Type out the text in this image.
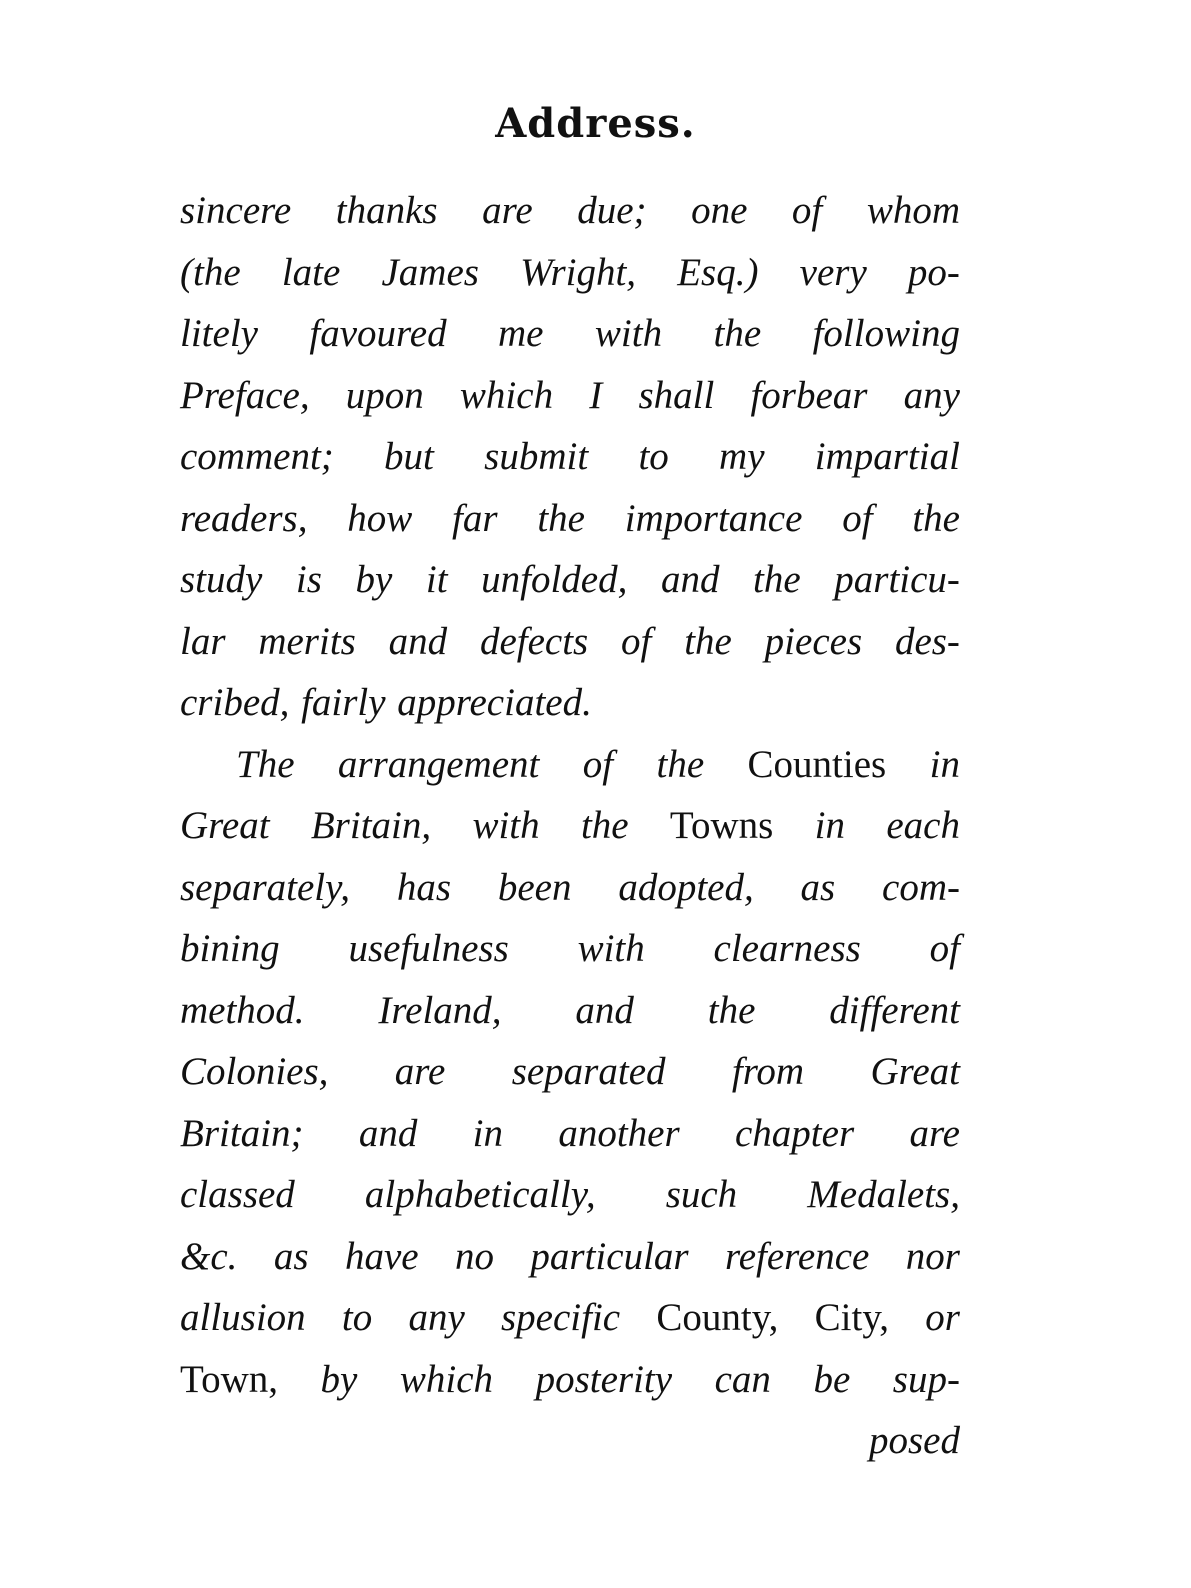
Address.
sincere thanks are due; one of whom
(the late James Wright, Esq.) very po-
litely favoured me with the following
Preface, upon which I shall forbear any
comment; but submit to my impartial
readers, how far the importance of the
study is by it unfolded, and the particu-
lar merits and defects of the pieces des-
cribed, fairly appreciated.
The arrangement of the Counties in
Great Britain, with the Towns in each
separately, has been adopted, as com-
bining usefulness with clearness of
method. Ireland, and the different
Colonies, are separated from Great
Britain; and in another chapter are
classed alphabetically, such Medalets,
&c. as have no particular reference nor
allusion to any specific County, City, or
Town, by which posterity can be sup-
posed
